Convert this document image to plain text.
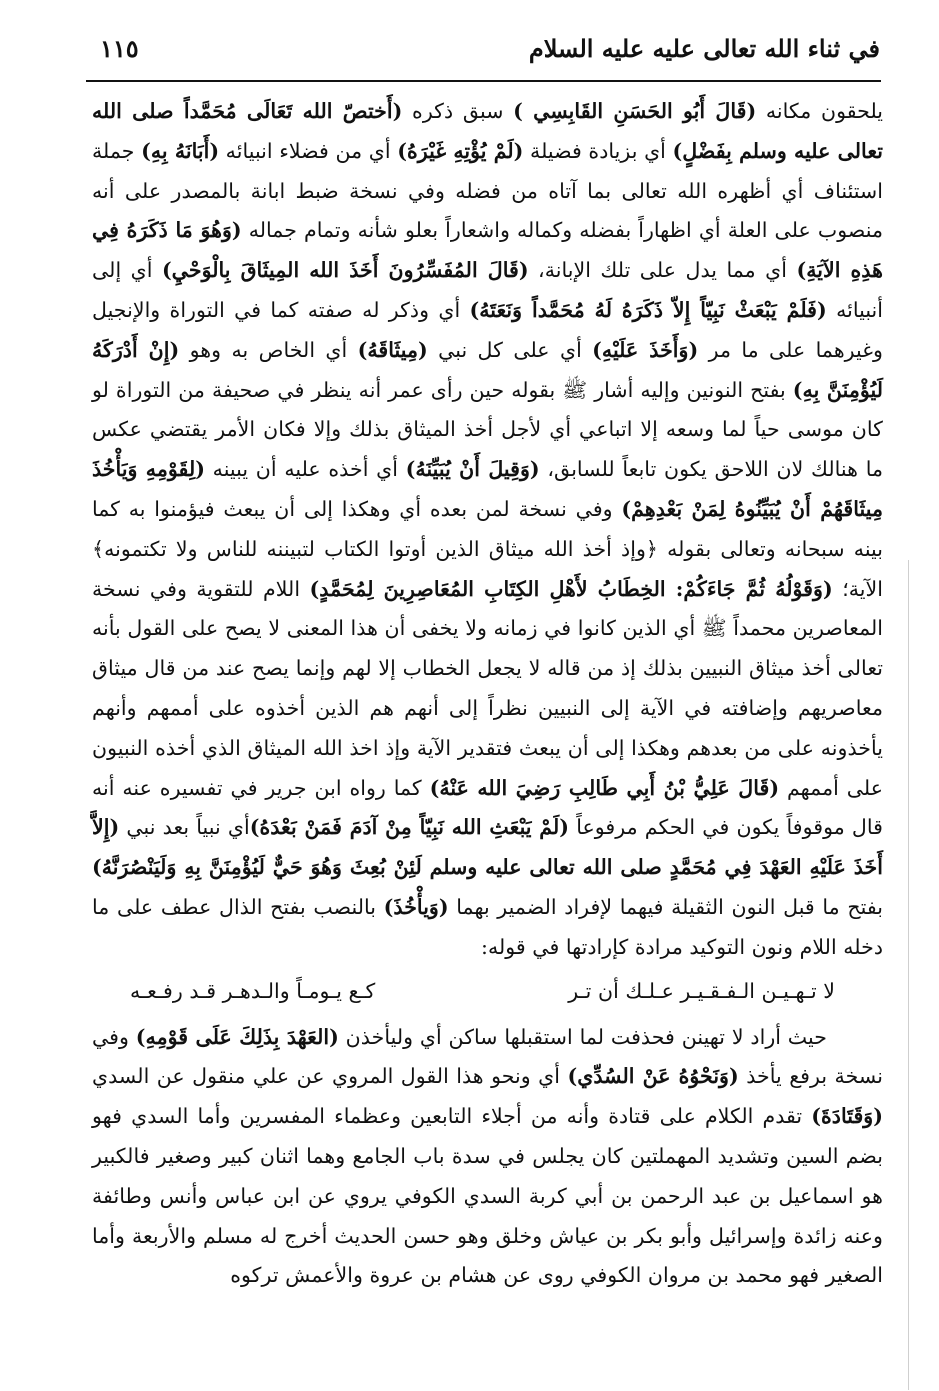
في ثناء الله تعالى عليه عليه السلام
١١٥

يلحقون مكانه (قَالَ أَبُو الحَسَنِ القَابِسِي ) سبق ذكره (أَختصّ الله تَعَالَى مُحَمَّداً صلى الله تعالى عليه وسلم بِفَضْلٍ) أي بزيادة فضيلة (لَمْ يُؤْتِهِ غَيْرَهُ) أي من فضلاء انبيائه (أَبَانَهُ بِهِ) جملة استئناف أي أظهره الله تعالى بما آتاه من فضله وفي نسخة ضبط ابانة بالمصدر على أنه منصوب على العلة أي اظهاراً بفضله وكماله واشعاراً بعلو شأنه وتمام جماله (وَهُوَ مَا ذَكَرَهُ فِي هَذِهِ الآيَةِ) أي مما يدل على تلك الإبانة، (قَالَ المُفَسِّرُونَ أَخَذَ الله المِيثَاقَ بِالْوَحْيِ) أي إلى أنبيائه (فَلَمْ يَبْعَثْ نَبِيّاً إِلاّ ذَكَرَهُ لَهُ مُحَمَّداً وَنَعَتَهُ) أي وذكر له صفته كما في التوراة والإنجيل وغيرهما على ما مر (وَأَخَذَ عَلَيْهِ) أي على كل نبي (مِيثَاقَهُ) أي الخاص به وهو (إِنْ أَدْرَكَهُ لَيُؤْمِنَنَّ بِهِ) بفتح النونين وإليه أشار ﷺ بقوله حين رأى عمر أنه ينظر في صحيفة من التوراة لو كان موسى حياً لما وسعه إلا اتباعي أي لأجل أخذ الميثاق بذلك وإلا فكان الأمر يقتضي عكس ما هنالك لان اللاحق يكون تابعاً للسابق، (وَقِيلَ أَنْ يُبَيِّنَهُ) أي أخذه عليه أن يبينه (لِقَوْمِهِ وَيَأْخُذَ مِيثَاقَهُمْ أَنْ يُبَيِّنُوهُ لِمَنْ بَعْدِهِمْ) وفي نسخة لمن بعده أي وهكذا إلى أن يبعث فيؤمنوا به كما بينه سبحانه وتعالى بقوله ﴿وإذ أخذ الله ميثاق الذين أوتوا الكتاب لتبيننه للناس ولا تكتمونه﴾ الآية؛ (وَقَوْلُهُ ثُمَّ جَاءَكُمْ: الخِطَابُ لأَهْلِ الكِتَابِ المُعَاصِرِينَ لِمُحَمَّدٍ) اللام للتقوية وفي نسخة المعاصرين محمداً ﷺ أي الذين كانوا في زمانه ولا يخفى أن هذا المعنى لا يصح على القول بأنه تعالى أخذ ميثاق النبيين بذلك إذ من قاله لا يجعل الخطاب إلا لهم وإنما يصح عند من قال ميثاق معاصريهم وإضافته في الآية إلى النبيين نظراً إلى أنهم هم الذين أخذوه على أممهم وأنهم يأخذونه على من بعدهم وهكذا إلى أن يبعث فتقدير الآية وإذ اخذ الله الميثاق الذي أخذه النبيون على أممهم (قَالَ عَلِيُّ بْنُ أَبِي طَالِبِ رَضِيَ الله عَنْهُ) كما رواه ابن جرير في تفسيره عنه أنه قال موقوفاً يكون في الحكم مرفوعاً (لَمْ يَبْعَثِ الله نَبِيّاً مِنْ آدَمَ فَمَنْ بَعْدَهُ)أي نبياً بعد نبي (إِلاَّ أَخَذَ عَلَيْهِ العَهْدَ فِي مُحَمَّدٍ صلى الله تعالى عليه وسلم لَئِنْ بُعِثَ وَهُوَ حَيٌّ لَيُؤْمِنَنَّ بِهِ وَلَيَنْصُرَنَّهُ) بفتح ما قبل النون الثقيلة فيهما لإفراد الضمير بهما (وَيأْخُذَ) بالنصب بفتح الذال عطف على ما دخله اللام ونون التوكيد مرادة كإرادتها في قوله:

لا تـهـيـن الـفـقـيـر عـلـك أن تـر
كـع يـومـاً والـدهـر قـد رفـعـه

حيث أراد لا تهينن فحذفت لما استقبلها ساكن أي وليأخذن (العَهْدَ بِذَلِكَ عَلَى قَوْمِهِ) وفي نسخة برفع يأخذ (وَنَحْوُهُ عَنْ السُدِّي) أي ونحو هذا القول المروي عن علي منقول عن السدي (وَقَتَادَةَ) تقدم الكلام على قتادة وأنه من أجلاء التابعين وعظماء المفسرين وأما السدي فهو بضم السين وتشديد المهملتين كان يجلس في سدة باب الجامع وهما اثنان كبير وصغير فالكبير هو اسماعيل بن عبد الرحمن بن أبي كربة السدي الكوفي يروي عن ابن عباس وأنس وطائفة وعنه زائدة وإسرائيل وأبو بكر بن عياش وخلق وهو حسن الحديث أخرج له مسلم والأربعة وأما الصغير فهو محمد بن مروان الكوفي روى عن هشام بن عروة والأعمش تركوه
